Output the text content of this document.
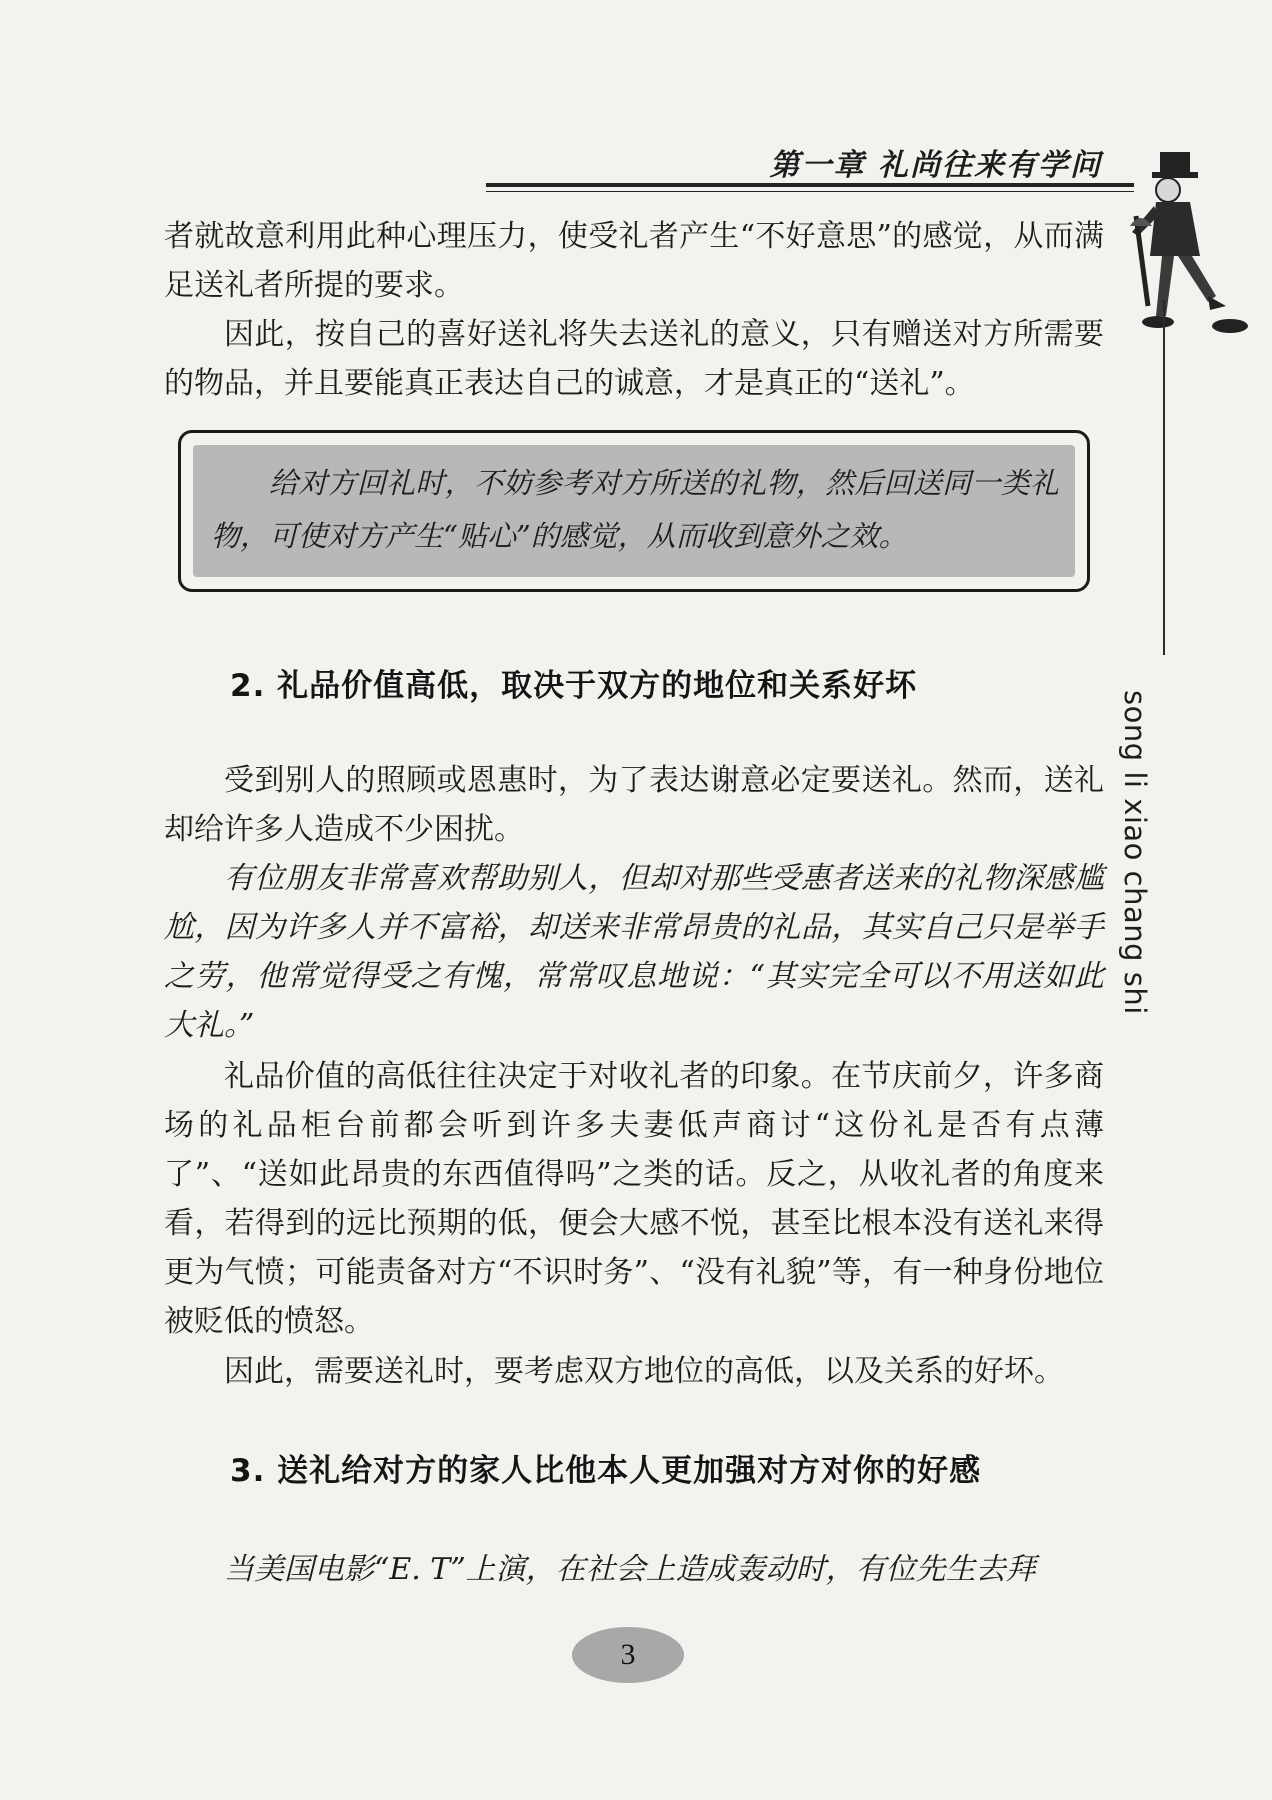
第一章 礼尚往来有学问
song li xiao chang shi

者就故意利用此种心理压力，使受礼者产生“不好意思”的感觉，从而满足送礼者所提的要求。

因此，按自己的喜好送礼将失去送礼的意义，只有赠送对方所需要的物品，并且要能真正表达自己的诚意，才是真正的“送礼”。

给对方回礼时，不妨参考对方所送的礼物，然后回送同一类礼物，可使对方产生“贴心”的感觉，从而收到意外之效。

2. 礼品价值高低，取决于双方的地位和关系好坏

受到别人的照顾或恩惠时，为了表达谢意必定要送礼。然而，送礼却给许多人造成不少困扰。

有位朋友非常喜欢帮助别人，但却对那些受惠者送来的礼物深感尴尬，因为许多人并不富裕，却送来非常昂贵的礼品，其实自己只是举手之劳，他常觉得受之有愧，常常叹息地说：“其实完全可以不用送如此大礼。”

礼品价值的高低往往决定于对收礼者的印象。在节庆前夕，许多商场的礼品柜台前都会听到许多夫妻低声商讨“这份礼是否有点薄了”、“送如此昂贵的东西值得吗”之类的话。反之，从收礼者的角度来看，若得到的远比预期的低，便会大感不悦，甚至比根本没有送礼来得更为气愤；可能责备对方“不识时务”、“没有礼貌”等，有一种身份地位被贬低的愤怒。

因此，需要送礼时，要考虑双方地位的高低，以及关系的好坏。

3. 送礼给对方的家人比他本人更加强对方对你的好感

当美国电影“E. T”上演，在社会上造成轰动时，有位先生去拜

3
